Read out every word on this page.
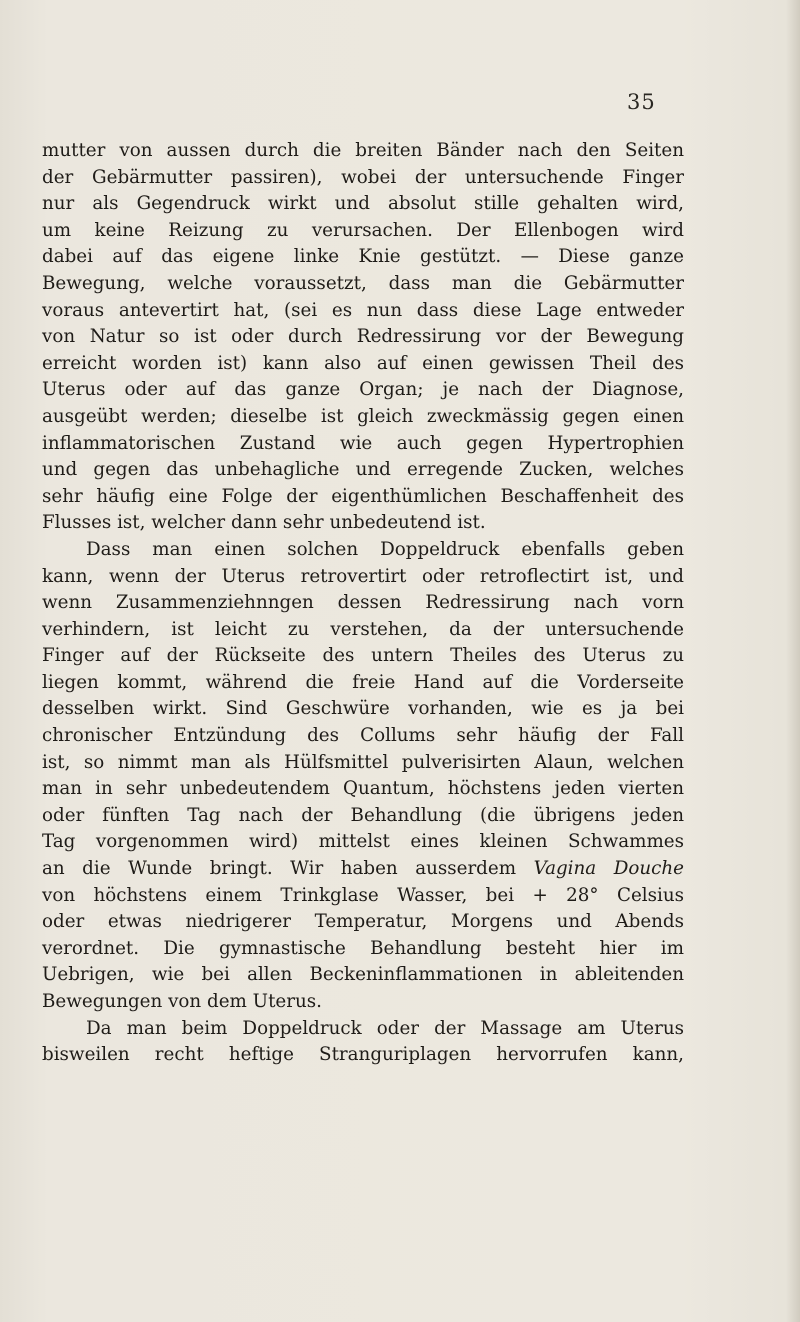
35
mutter von aussen durch die breiten Bänder nach den Seiten
der Gebärmutter passiren), wobei der untersuchende Finger
nur als Gegendruck wirkt und absolut stille gehalten wird,
um keine Reizung zu verursachen. Der Ellenbogen wird
dabei auf das eigene linke Knie gestützt. — Diese ganze
Bewegung, welche voraussetzt, dass man die Gebärmutter
voraus antevertirt hat, (sei es nun dass diese Lage entweder
von Natur so ist oder durch Redressirung vor der Bewegung
erreicht worden ist) kann also auf einen gewissen Theil des
Uterus oder auf das ganze Organ; je nach der Diagnose,
ausgeübt werden; dieselbe ist gleich zweckmässig gegen einen
inflammatorischen Zustand wie auch gegen Hypertrophien
und gegen das unbehagliche und erregende Zucken, welches
sehr häufig eine Folge der eigenthümlichen Beschaffenheit des
Flusses ist, welcher dann sehr unbedeutend ist.
Dass man einen solchen Doppeldruck ebenfalls geben
kann, wenn der Uterus retrovertirt oder retroflectirt ist, und
wenn Zusammenziehnngen dessen Redressirung nach vorn
verhindern, ist leicht zu verstehen, da der untersuchende
Finger auf der Rückseite des untern Theiles des Uterus zu
liegen kommt, während die freie Hand auf die Vorderseite
desselben wirkt. Sind Geschwüre vorhanden, wie es ja bei
chronischer Entzündung des Collums sehr häufig der Fall
ist, so nimmt man als Hülfsmittel pulverisirten Alaun, welchen
man in sehr unbedeutendem Quantum, höchstens jeden vierten
oder fünften Tag nach der Behandlung (die übrigens jeden
Tag vorgenommen wird) mittelst eines kleinen Schwammes
an die Wunde bringt. Wir haben ausserdem Vagina Douche
von höchstens einem Trinkglase Wasser, bei + 28° Celsius
oder etwas niedrigerer Temperatur, Morgens und Abends
verordnet. Die gymnastische Behandlung besteht hier im
Uebrigen, wie bei allen Beckeninflammationen in ableitenden
Bewegungen von dem Uterus.
Da man beim Doppeldruck oder der Massage am Uterus
bisweilen recht heftige Stranguriplagen hervorrufen kann,
